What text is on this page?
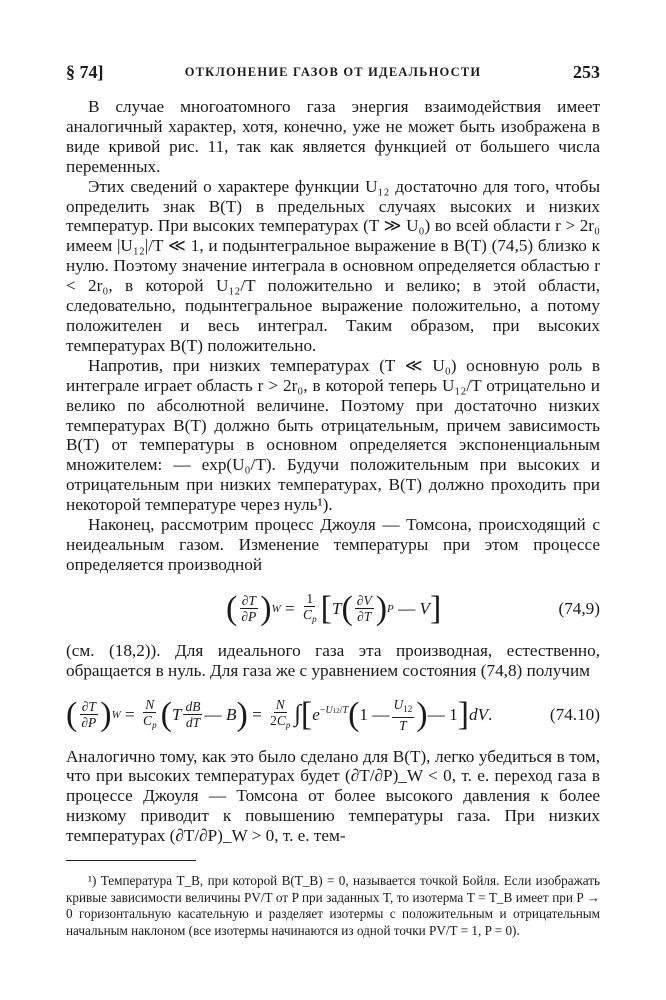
§ 74]	ОТКЛОНЕНИЕ ГАЗОВ ОТ ИДЕАЛЬНОСТИ	253

В случае многоатомного газа энергия взаимодействия имеет аналогичный характер, хотя, конечно, уже не может быть изображена в виде кривой рис. 11, так как является функцией от большего числа переменных.

Этих сведений о характере функции U₁₂ достаточно для того, чтобы определить знак B(T) в предельных случаях высоких и низких температур. При высоких температурах (T ≫ U₀) во всей области r > 2r₀ имеем |U₁₂|/T ≪ 1, и подынтегральное выражение в B(T) (74,5) близко к нулю. Поэтому значение интеграла в основном определяется областью r < 2r₀, в которой U₁₂/T положительно и велико; в этой области, следовательно, подынтегральное выражение положительно, а потому положителен и весь интеграл. Таким образом, при высоких температурах B(T) положительно.

Напротив, при низких температурах (T ≪ U₀) основную роль в интеграле играет область r > 2r₀, в которой теперь U₁₂/T отрицательно и велико по абсолютной величине. Поэтому при достаточно низких температурах B(T) должно быть отрицательным, причем зависимость B(T) от температуры в основном определяется экспоненциальным множителем: — exp(U₀/T). Будучи положительным при высоких и отрицательным при низких температурах, B(T) должно проходить при некоторой температуре через нуль¹).

Наконец, рассмотрим процесс Джоуля — Томсона, происходящий с неидеальным газом. Изменение температуры при этом процессе определяется производной

( $\frac{\partial T}{\partial P}$ ) $W = \frac{1}{C_p}$ [ T ( $\frac{\partial V}{\partial T}$ ) P — V ]	(74,9)

(см. (18,2)). Для идеального газа эта производная, естественно, обращается в нуль. Для газа же с уравнением состояния (74,8) получим

( $\frac{\partial T}{\partial P}$ ) $W = \frac{N}{C_p}$ ( T $\frac{dB}{dT}$ — B ) = $\frac{N}{2C_p}$ ∫ [ $e^{-U12/T}$ ( 1 — $\frac{U_{12}}{T}$ ) — 1 ] dV.	(74.10)

Аналогично тому, как это было сделано для B(T), легко убедиться в том, что при высоких температурах будет (∂T/∂P)_W < 0, т. е. переход газа в процессе Джоуля — Томсона от более высокого давления к более низкому приводит к повышению температуры газа. При низких температурах (∂T/∂P)_W > 0, т. е. тем-

¹) Температура T_B, при которой B(T_B) = 0, называется точкой Бойля. Если изображать кривые зависимости величины PV/T от P при заданных T, то изотерма T = T_B имеет при P → 0 горизонтальную касательную и разделяет изотермы с положительным и отрицательным начальным наклоном (все изотермы начинаются из одной точки PV/T = 1, P = 0).
